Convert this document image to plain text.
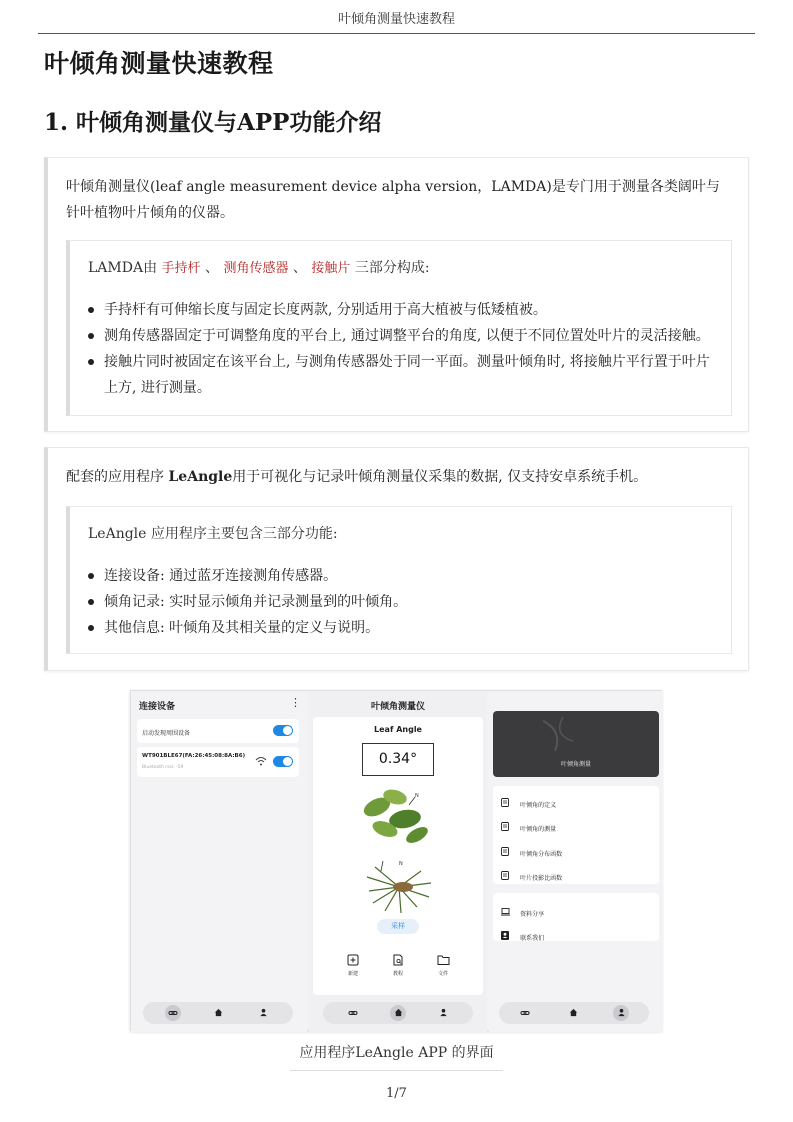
叶倾角测量快速教程
叶倾角测量快速教程
1. 叶倾角测量仪与APP功能介绍
叶倾角测量仪(leaf angle measurement device alpha version，LAMDA)是专门用于测量各类阔叶与针叶植物叶片倾角的仪器。
LAMDA由 手持杆 、 测角传感器 、 接触片 三部分构成:
手持杆有可伸缩长度与固定长度两款, 分别适用于高大植被与低矮植被。
测角传感器固定于可调整角度的平台上, 通过调整平台的角度, 以便于不同位置处叶片的灵活接触。
接触片同时被固定在该平台上, 与测角传感器处于同一平面。测量叶倾角时, 将接触片平行置于叶片上方, 进行测量。
配套的应用程序 LeAngle用于可视化与记录叶倾角测量仪采集的数据, 仅支持安卓系统手机。
LeAngle 应用程序主要包含三部分功能:
连接设备: 通过蓝牙连接测角传感器。
倾角记录: 实时显示倾角并记录测量到的叶倾角。
其他信息: 叶倾角及其相关量的定义与说明。
连接设备	⋮
启动发现周围设备
WT901BLE67(FA:26:45:08:8A:B6)
Bluetooth rssi: -59
叶倾角测量仪
Leaf Angle
0.34°
N
N
采样
新建	教程	文件
叶倾角测量
叶倾角的定义
叶倾角的测量
叶倾角分布函数
叶片投影比函数
资料分享
联系我们
应用程序LeAngle APP 的界面
1/7
